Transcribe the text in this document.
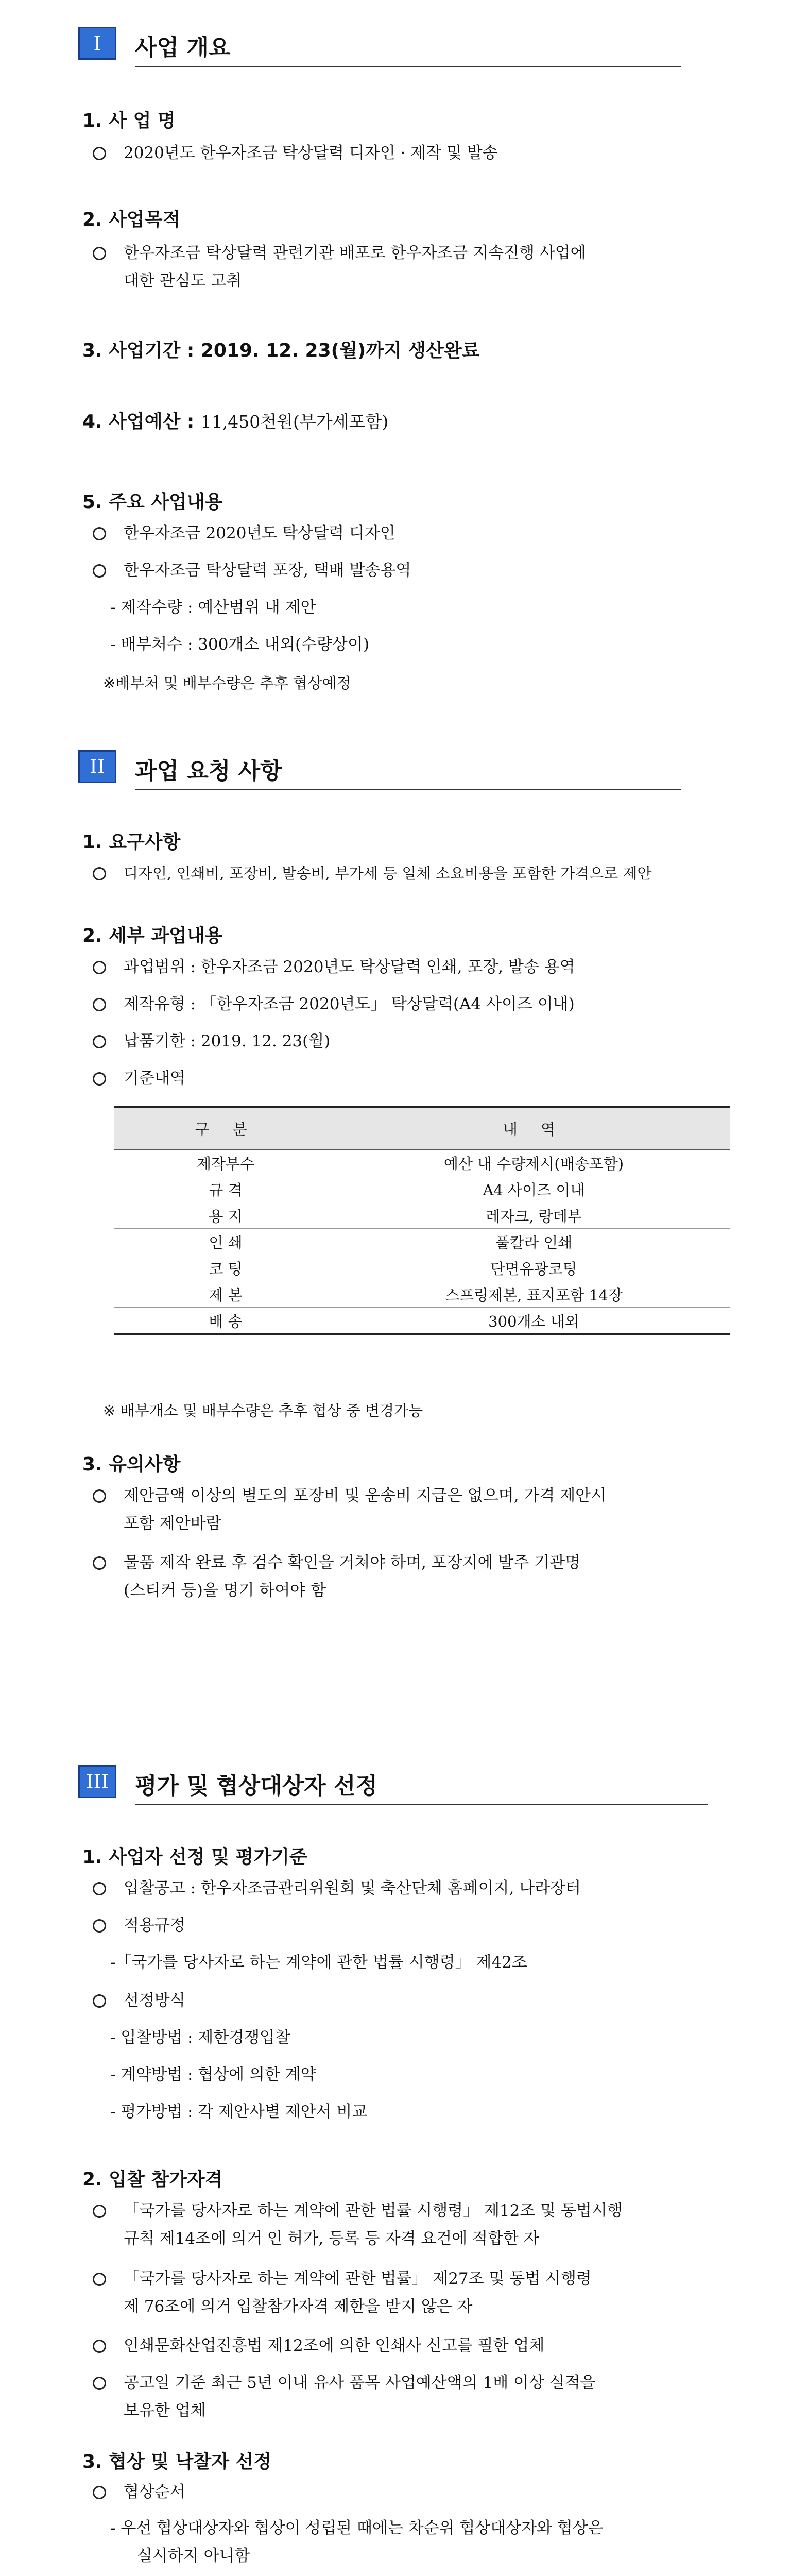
I	사업 개요
1. 사 업 명
2020년도 한우자조금 탁상달력 디자인 · 제작 및 발송
2. 사업목적
한우자조금 탁상달력 관련기관 배포로 한우자조금 지속진행 사업에
대한 관심도 고취
3. 사업기간 : 2019. 12. 23(월)까지 생산완료
4. 사업예산 : 11,450천원(부가세포함)
5. 주요 사업내용
한우자조금 2020년도 탁상달력 디자인
한우자조금 탁상달력 포장, 택배 발송용역
- 제작수량 : 예산범위 내 제안
- 배부처수 : 300개소 내외(수량상이)
※배부처 및 배부수량은 추후 협상예정
II	과업 요청 사항
1. 요구사항
디자인, 인쇄비, 포장비, 발송비, 부가세 등 일체 소요비용을 포함한 가격으로 제안
2. 세부 과업내용
과업범위 : 한우자조금 2020년도 탁상달력 인쇄, 포장, 발송 용역
제작유형 : 「한우자조금 2020년도」 탁상달력(A4 사이즈 이내)
납품기한 : 2019. 12. 23(월)
기준내역
구 분	내 역
제작부수	예산 내 수량제시(배송포함)
규 격	A4 사이즈 이내
용 지	레자크, 랑데부
인 쇄	풀칼라 인쇄
코 팅	단면유광코팅
제 본	스프링제본, 표지포함 14장
배 송	300개소 내외
※ 배부개소 및 배부수량은 추후 협상 중 변경가능
3. 유의사항
제안금액 이상의 별도의 포장비 및 운송비 지급은 없으며, 가격 제안시
포함 제안바람
물품 제작 완료 후 검수 확인을 거쳐야 하며, 포장지에 발주 기관명
(스티커 등)을 명기 하여야 함
III	평가 및 협상대상자 선정
1. 사업자 선정 및 평가기준
입찰공고 : 한우자조금관리위원회 및 축산단체 홈페이지, 나라장터
적용규정
-「국가를 당사자로 하는 계약에 관한 법률 시행령」 제42조
선정방식
- 입찰방법 : 제한경쟁입찰
- 계약방법 : 협상에 의한 계약
- 평가방법 : 각 제안사별 제안서 비교
2. 입찰 참가자격
「국가를 당사자로 하는 계약에 관한 법률 시행령」 제12조 및 동법시행
규칙 제14조에 의거 인 허가, 등록 등 자격 요건에 적합한 자
「국가를 당사자로 하는 계약에 관한 법률」 제27조 및 동법 시행령
제 76조에 의거 입찰참가자격 제한을 받지 않은 자
인쇄문화산업진흥법 제12조에 의한 인쇄사 신고를 필한 업체
공고일 기준 최근 5년 이내 유사 품목 사업예산액의 1배 이상 실적을
보유한 업체
3. 협상 및 낙찰자 선정
협상순서
- 우선 협상대상자와 협상이 성립된 때에는 차순위 협상대상자와 협상은
실시하지 아니함
